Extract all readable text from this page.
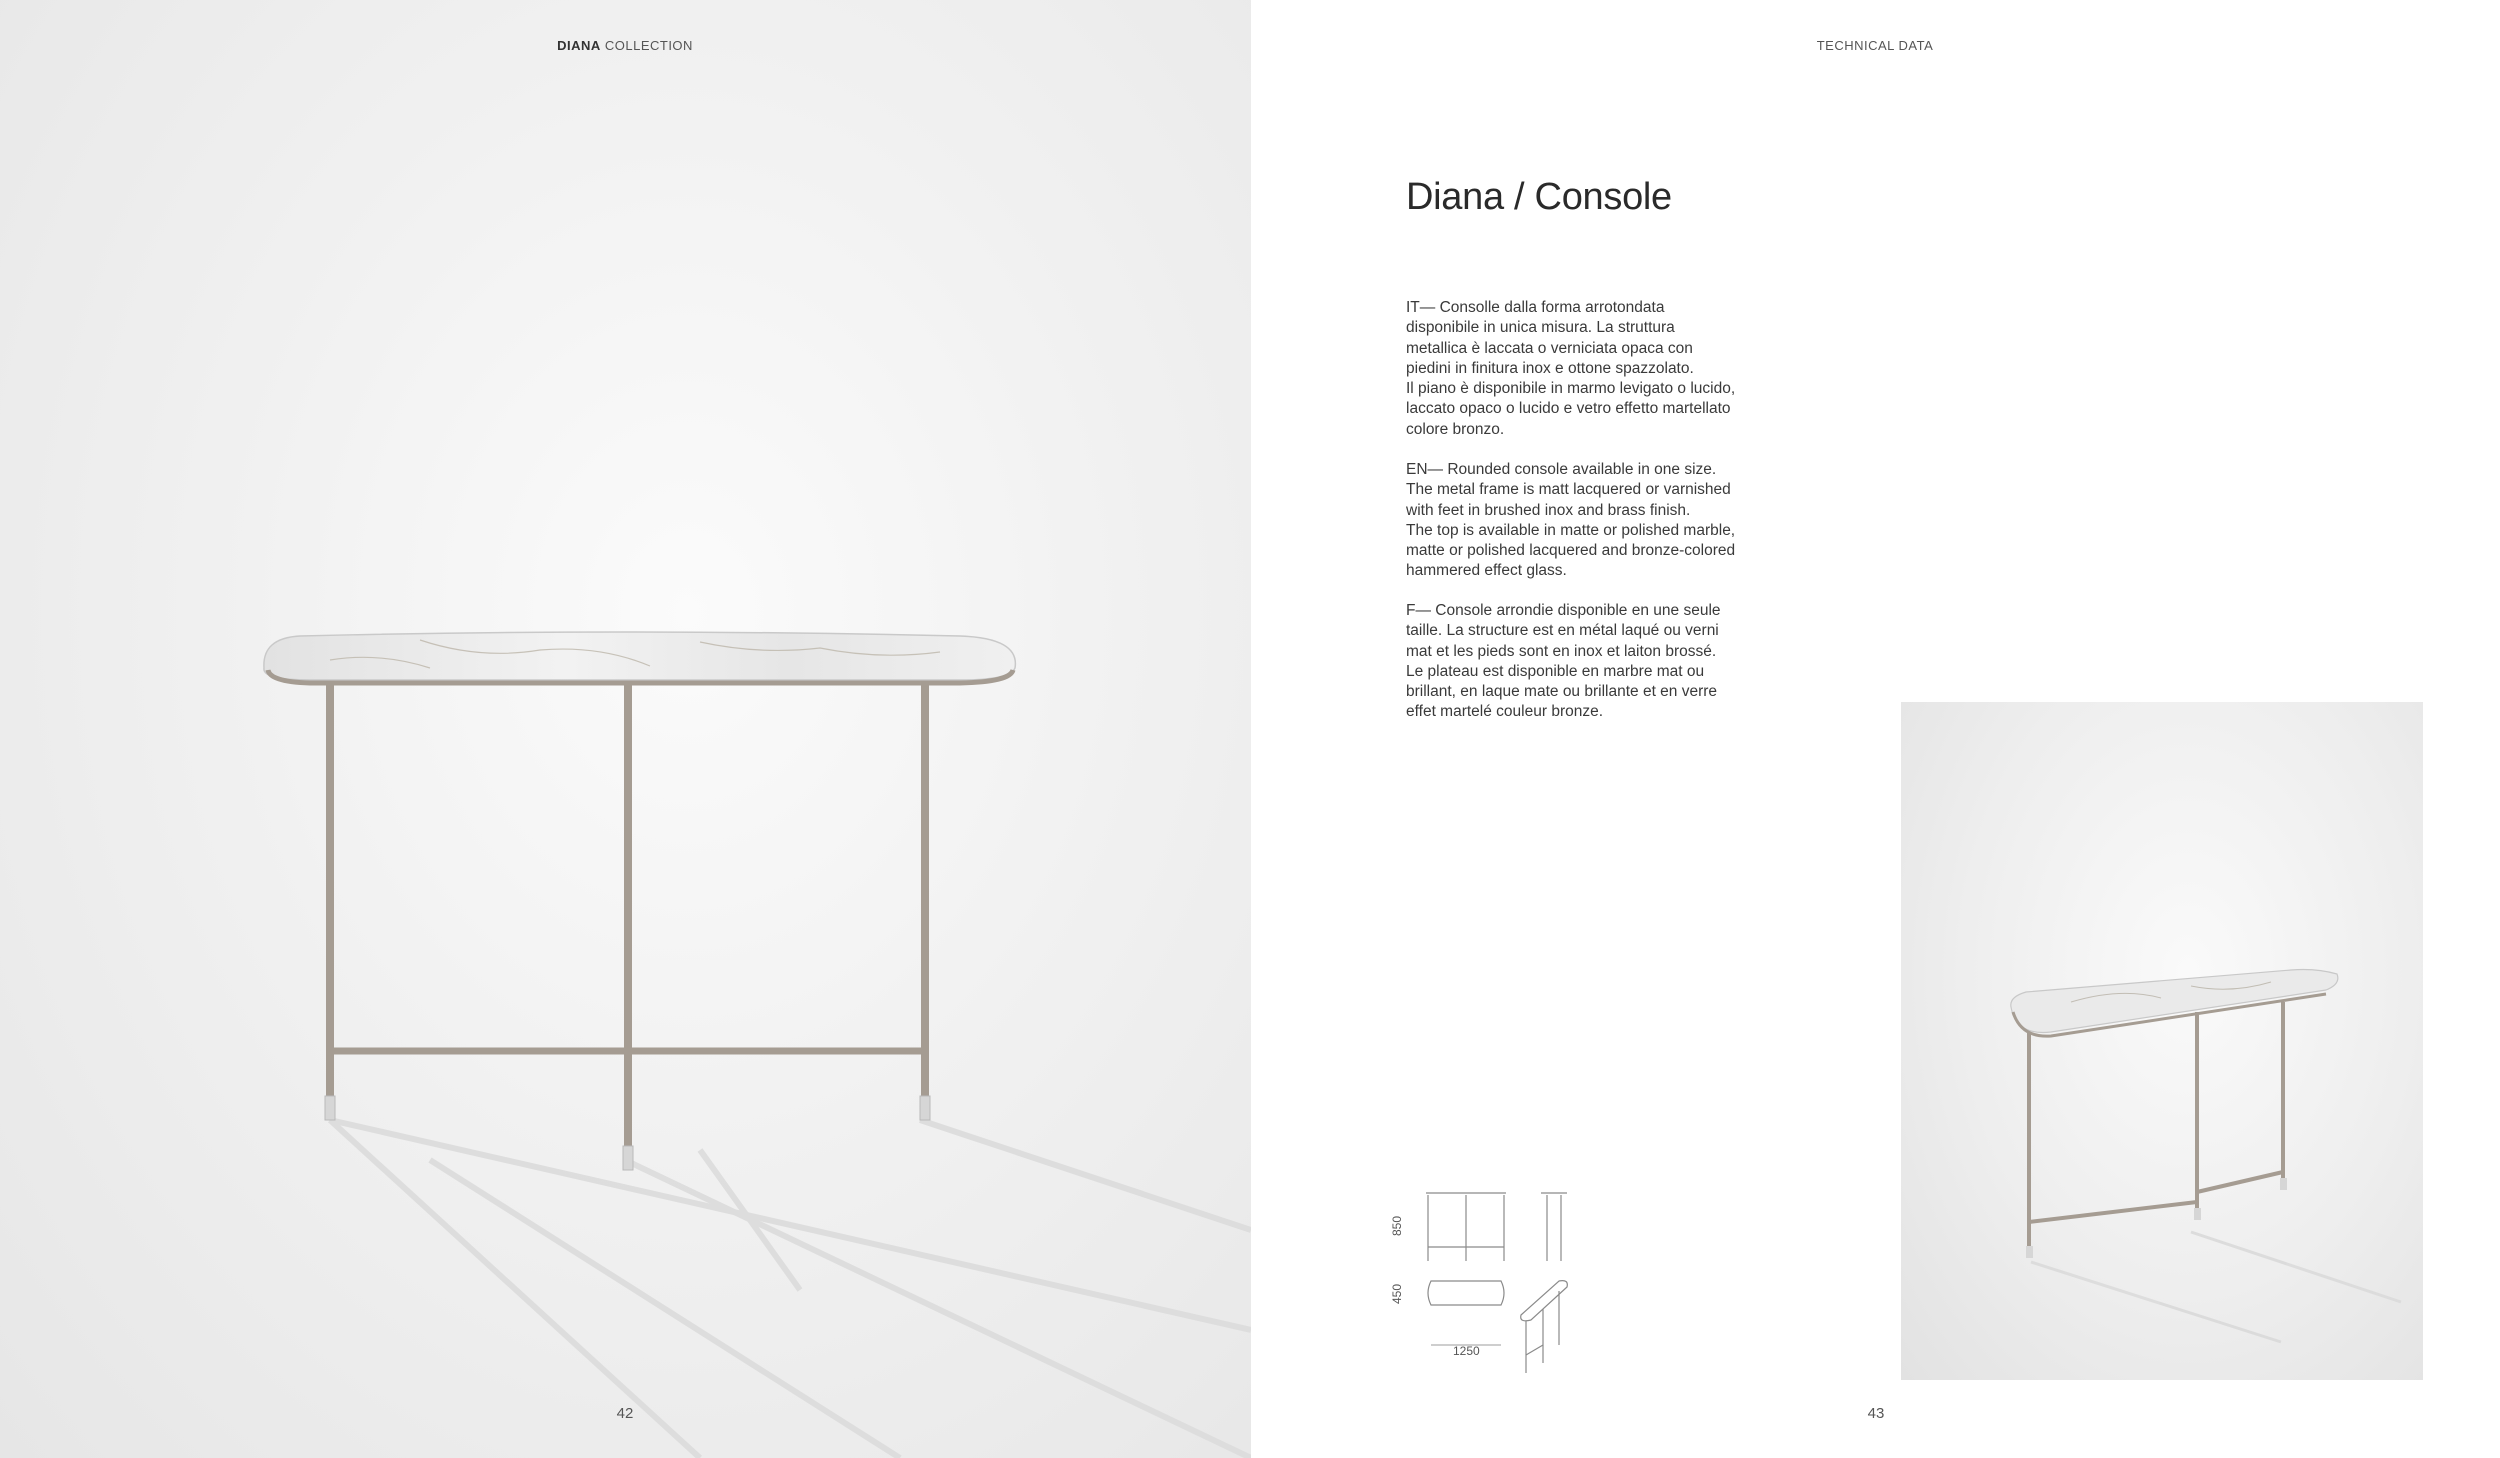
DIANA COLLECTION
42
TECHNICAL DATA
Diana / Console

IT— Consolle dalla forma arrotondata

disponibile in unica misura. La struttura

metallica è laccata o verniciata opaca con

piedini in finitura inox e ottone spazzolato.

Il piano è disponibile in marmo levigato o lucido,

laccato opaco o lucido e vetro effetto martellato

colore bronzo.

EN— Rounded console available in one size.

The metal frame is matt lacquered or varnished

with feet in brushed inox and brass finish.

The top is available in matte or polished marble,

matte or polished lacquered and bronze-colored

hammered effect glass.

F— Console arrondie disponible en une seule

taille. La structure est en métal laqué ou verni

mat et les pieds sont en inox et laiton brossé.

Le plateau est disponible en marbre mat ou

brillant, en laque mate ou brillante et en verre

effet martelé couleur bronze.

850
450
1250
43
